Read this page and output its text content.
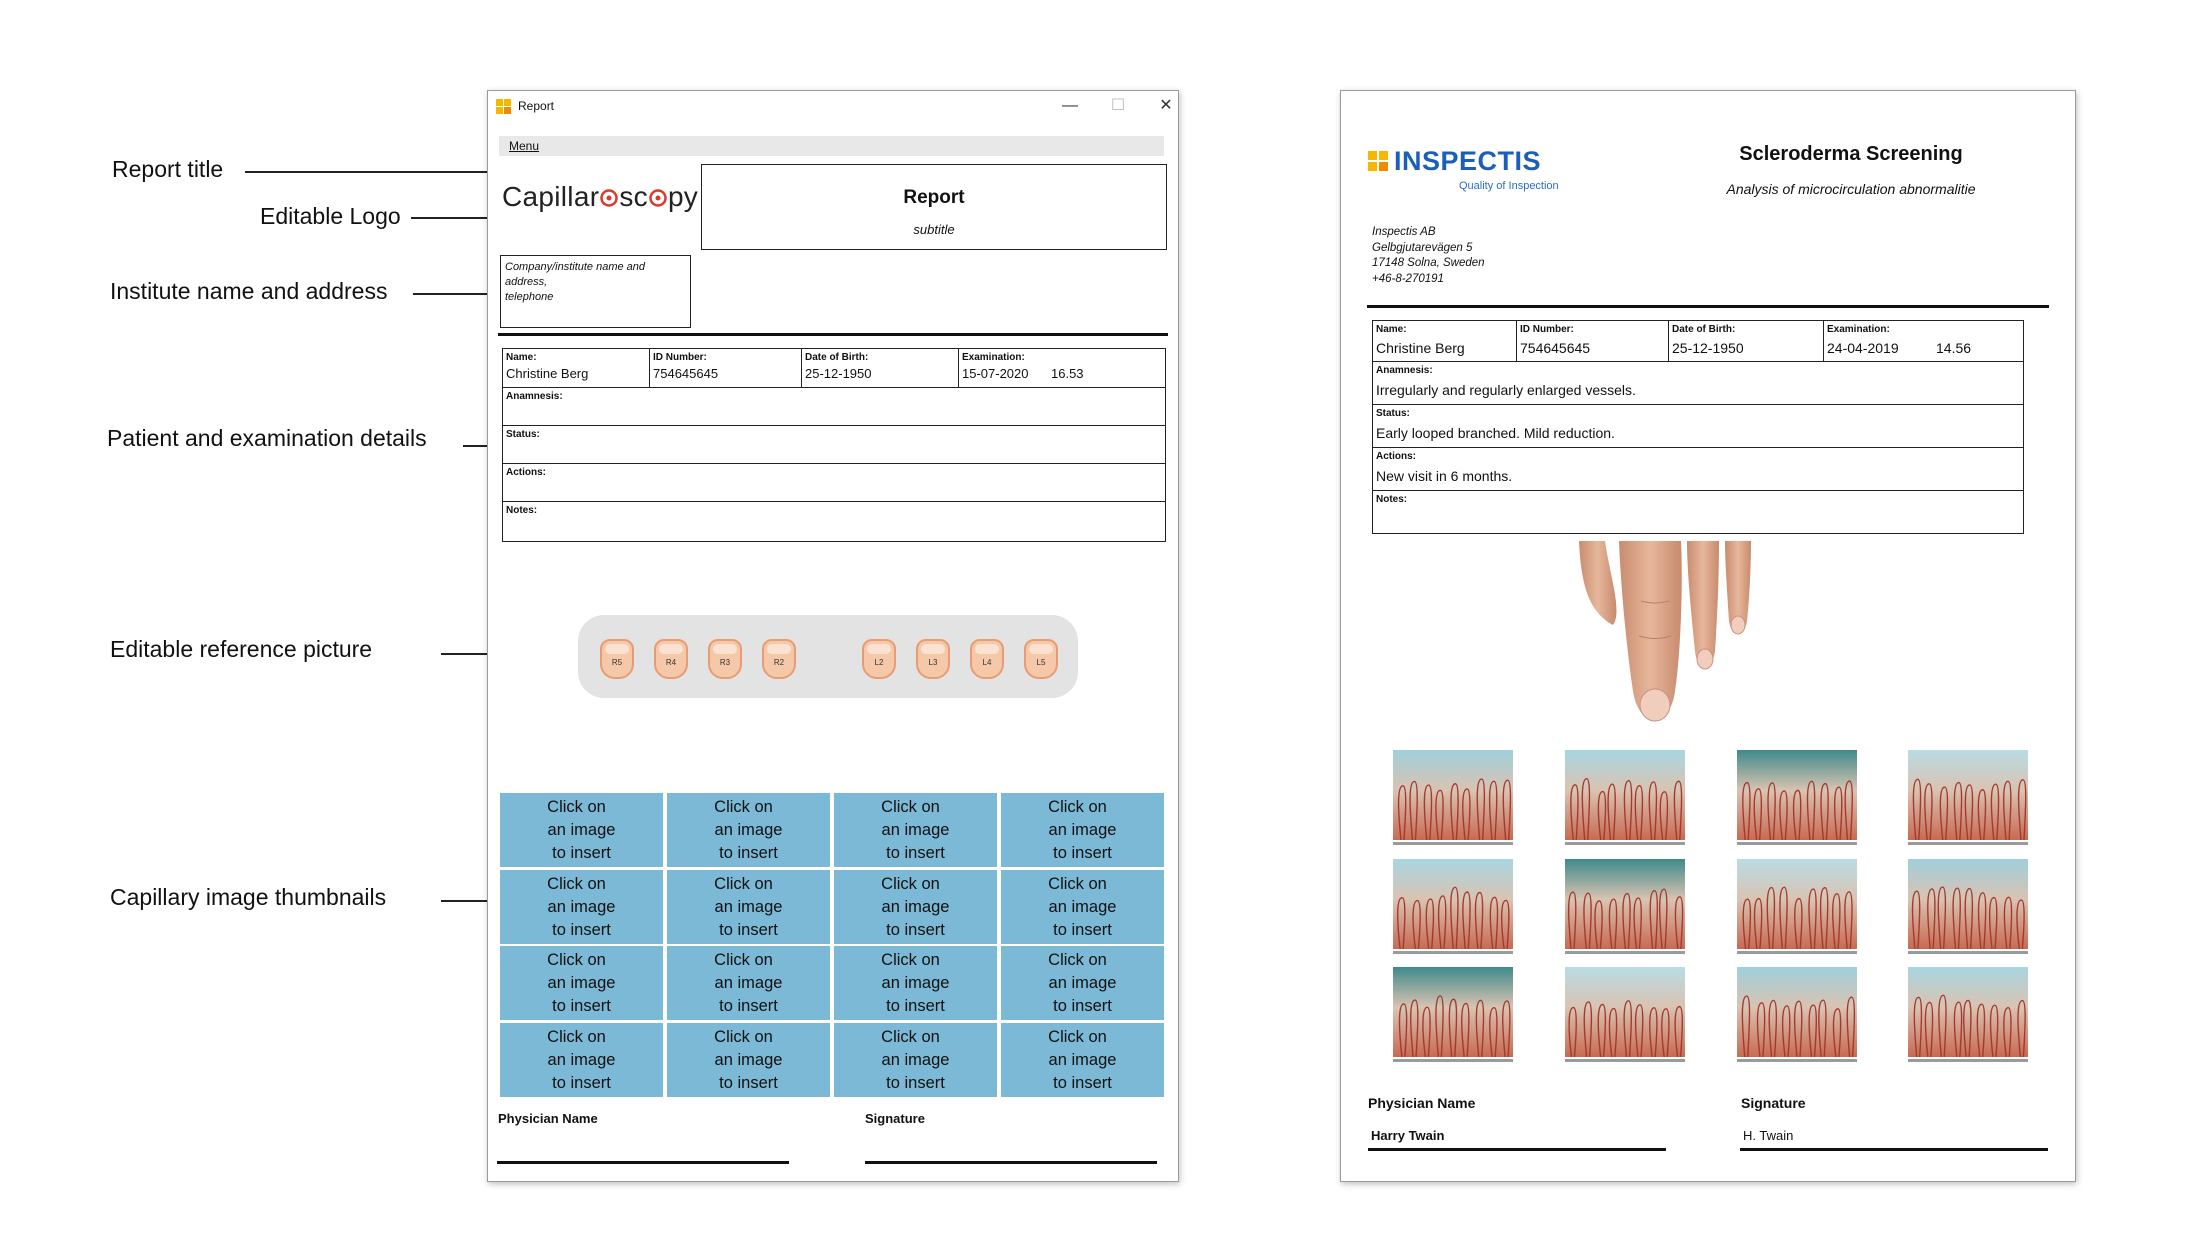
Report title
Editable Logo
Institute name and address
Patient and examination details
Editable reference picture
Capillary image thumbnails
Report	—	☐	✕
Menu
Capillar sc py	Report
subtitle
Company/institute name and
address,
telephone
Name:
Christine Berg
ID Number:
754645645
Date of Birth:
25-12-1950
Examination:
15-07-2020 16.53
Anamnesis:
Status:
Actions:
Notes:
R5	R4	R3	R2	L2	L3	L4	L5
Click on
an image
to insert
Click on
an image
to insert
Click on
an image
to insert
Click on
an image
to insert
Click on
an image
to insert
Click on
an image
to insert
Click on
an image
to insert
Click on
an image
to insert
Click on
an image
to insert
Click on
an image
to insert
Click on
an image
to insert
Click on
an image
to insert
Click on
an image
to insert
Click on
an image
to insert
Click on
an image
to insert
Click on
an image
to insert
Physician Name	Signature
INSPECTIS
Quality of Inspection
Scleroderma Screening
Analysis of microcirculation abnormalitie
Inspectis AB
Gelbgjutarevägen 5
17148 Solna, Sweden
+46-8-270191
Name:
Christine Berg
ID Number:
754645645
Date of Birth:
25-12-1950
Examination:
24-04-2019	14.56
Anamnesis:
Irregularly and regularly enlarged vessels.
Status:
Early looped branched. Mild reduction.
Actions:
New visit in 6 months.
Notes:
Physician Name
Harry Twain
Signature
H. Twain
